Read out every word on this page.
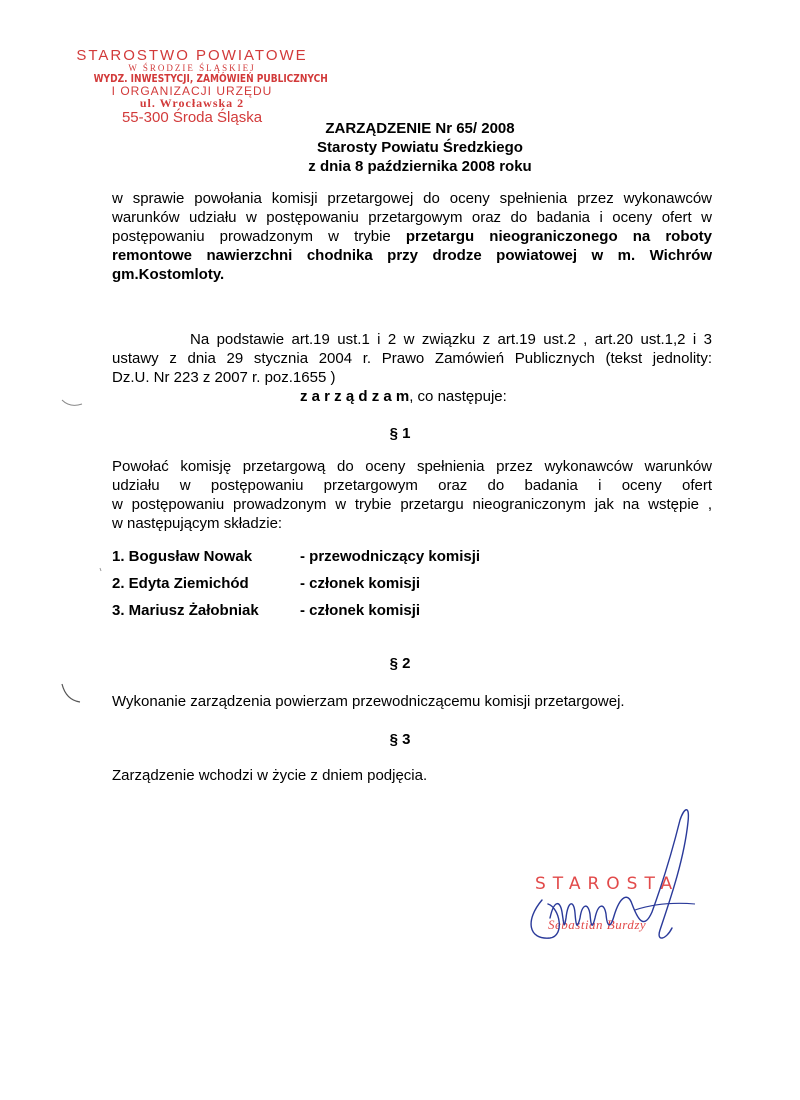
STAROSTWO POWIATOWE
W ŚRODZIE ŚLĄSKIEJ
WYDZ. INWESTYCJI, ZAMÓWIEŃ PUBLICZNYCH
I ORGANIZACJI URZĘDU
ul. Wrocławska 2
55-300 Środa Śląska
ZARZĄDZENIE Nr 65/ 2008
Starosty Powiatu Średzkiego
z dnia 8 października 2008 roku
w sprawie powołania komisji przetargowej do oceny spełnienia przez wykonawców
warunków udziału w postępowaniu przetargowym oraz do badania i oceny ofert w
postępowaniu prowadzonym w trybie przetargu nieograniczonego na roboty
remontowe nawierzchni chodnika przy drodze powiatowej w m. Wichrów
gm.Kostomloty.
Na podstawie art.19 ust.1 i 2 w związku z art.19 ust.2 , art.20 ust.1,2 i 3
ustawy z dnia 29 stycznia 2004 r. Prawo Zamówień Publicznych (tekst jednolity:
Dz.U. Nr 223 z 2007 r. poz.1655 )
z a r z ą d z a m, co następuje:
§ 1
Powołać komisję przetargową do oceny spełnienia przez wykonawców warunków
udziału w postępowaniu przetargowym oraz do badania i oceny ofert
w postępowaniu prowadzonym w trybie przetargu nieograniczonym jak na wstępie ,
w następującym składzie:
1. Bogusław Nowak	- przewodniczący komisji
2. Edyta Ziemichód	- członek komisji
3. Mariusz Żałobniak	- członek komisji
§ 2
Wykonanie zarządzenia powierzam przewodniczącemu komisji przetargowej.
§ 3
Zarządzenie wchodzi w życie z dniem podjęcia.
STAROSTA
Sebastian Burdzy
